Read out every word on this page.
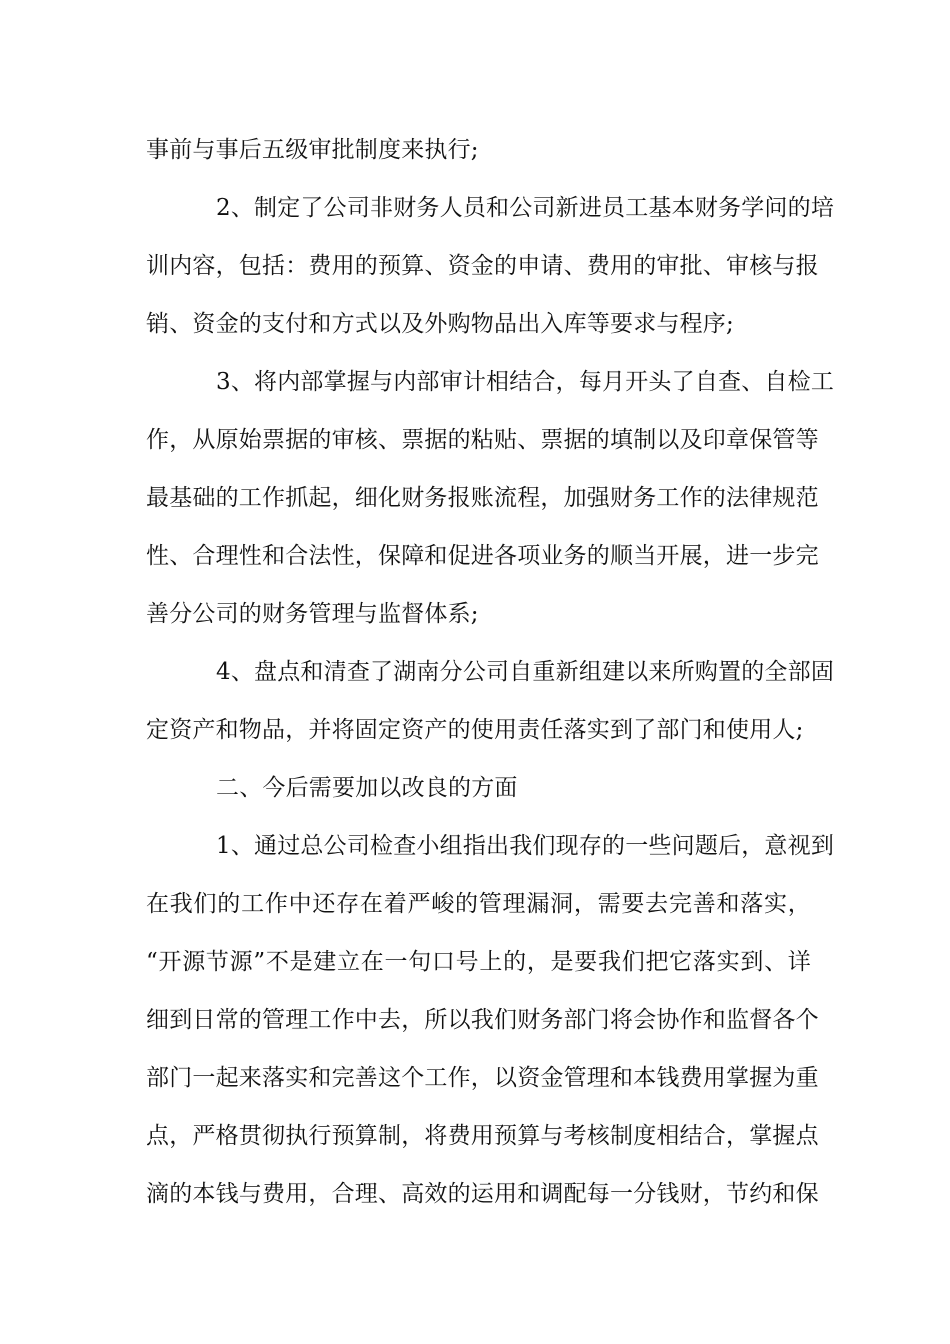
事前与事后五级审批制度来执行;
2、制定了公司非财务人员和公司新进员工基本财务学问的培
训内容，包括：费用的预算、资金的申请、费用的审批、审核与报
销、资金的支付和方式以及外购物品出入库等要求与程序;
3、将内部掌握与内部审计相结合，每月开头了自查、自检工
作，从原始票据的审核、票据的粘贴、票据的填制以及印章保管等
最基础的工作抓起，细化财务报账流程，加强财务工作的法律规范
性、合理性和合法性，保障和促进各项业务的顺当开展，进一步完
善分公司的财务管理与监督体系;
4、盘点和清查了湖南分公司自重新组建以来所购置的全部固
定资产和物品，并将固定资产的使用责任落实到了部门和使用人;
二、今后需要加以改良的方面
1、通过总公司检查小组指出我们现存的一些问题后，意视到
在我们的工作中还存在着严峻的管理漏洞，需要去完善和落实，
“开源节源”不是建立在一句口号上的，是要我们把它落实到、详
细到日常的管理工作中去，所以我们财务部门将会协作和监督各个
部门一起来落实和完善这个工作，以资金管理和本钱费用掌握为重
点，严格贯彻执行预算制，将费用预算与考核制度相结合，掌握点
滴的本钱与费用，合理、高效的运用和调配每一分钱财，节约和保
